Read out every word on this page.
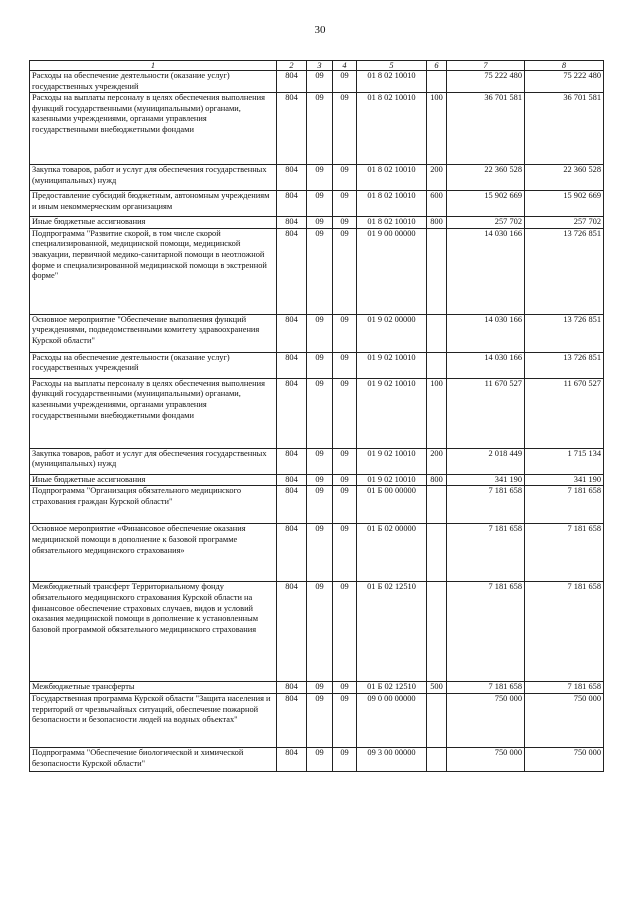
30
1	2	3	4	5	6	7	8
Расходы на обеспечение деятельности (оказание услуг) государственных учреждений	804	09	09	01 8 02 10010		75 222 480	75 222 480
Расходы на выплаты персоналу в целях обеспечения выполнения функций государственными (муниципальными) органами, казенными учреждениями, органами управления государственными внебюджетными фондами	804	09	09	01 8 02 10010	100	36 701 581	36 701 581
Закупка товаров, работ и услуг для обеспечения государственных (муниципальных) нужд	804	09	09	01 8 02 10010	200	22 360 528	22 360 528
Предоставление субсидий бюджетным, автономным учреждениям и иным некоммерческим организациям	804	09	09	01 8 02 10010	600	15 902 669	15 902 669
Иные бюджетные ассигнования	804	09	09	01 8 02 10010	800	257 702	257 702
Подпрограмма "Развитие скорой, в том числе скорой специализированной, медицинской помощи, медицинской эвакуации, первичной медико-санитарной помощи в неотложной форме и специализированной медицинской помощи в экстренной форме"	804	09	09	01 9 00 00000		14 030 166	13 726 851
Основное мероприятие "Обеспечение выполнения функций учреждениями, подведомственными комитету здравоохранения Курской области"	804	09	09	01 9 02 00000		14 030 166	13 726 851
Расходы на обеспечение деятельности (оказание услуг) государственных учреждений	804	09	09	01 9 02 10010		14 030 166	13 726 851
Расходы на выплаты персоналу в целях обеспечения выполнения функций государственными (муниципальными) органами, казенными учреждениями, органами управления государственными внебюджетными фондами	804	09	09	01 9 02 10010	100	11 670 527	11 670 527
Закупка товаров, работ и услуг для обеспечения государственных (муниципальных) нужд	804	09	09	01 9 02 10010	200	2 018 449	1 715 134
Иные бюджетные ассигнования	804	09	09	01 9 02 10010	800	341 190	341 190
Подпрограмма "Организация обязательного медицинского страхования граждан Курской области"	804	09	09	01 Б 00 00000		7 181 658	7 181 658
Основное мероприятие «Финансовое обеспечение оказания медицинской помощи в дополнение к базовой программе обязательного медицинского страхования»	804	09	09	01 Б 02 00000		7 181 658	7 181 658
Межбюджетный трансферт Территориальному фонду обязательного медицинского страхования Курской области на финансовое обеспечение страховых случаев, видов и условий оказания медицинской помощи в дополнение к установленным базовой программой обязательного медицинского страхования	804	09	09	01 Б 02 12510		7 181 658	7 181 658
Межбюджетные трансферты	804	09	09	01 Б 02 12510	500	7 181 658	7 181 658
Государственная программа Курской области "Защита населения и территорий от чрезвычайных ситуаций, обеспечение пожарной безопасности и безопасности людей на водных объектах"	804	09	09	09 0 00 00000		750 000	750 000
Подпрограмма "Обеспечение биологической и химической безопасности Курской области"	804	09	09	09 3 00 00000		750 000	750 000
